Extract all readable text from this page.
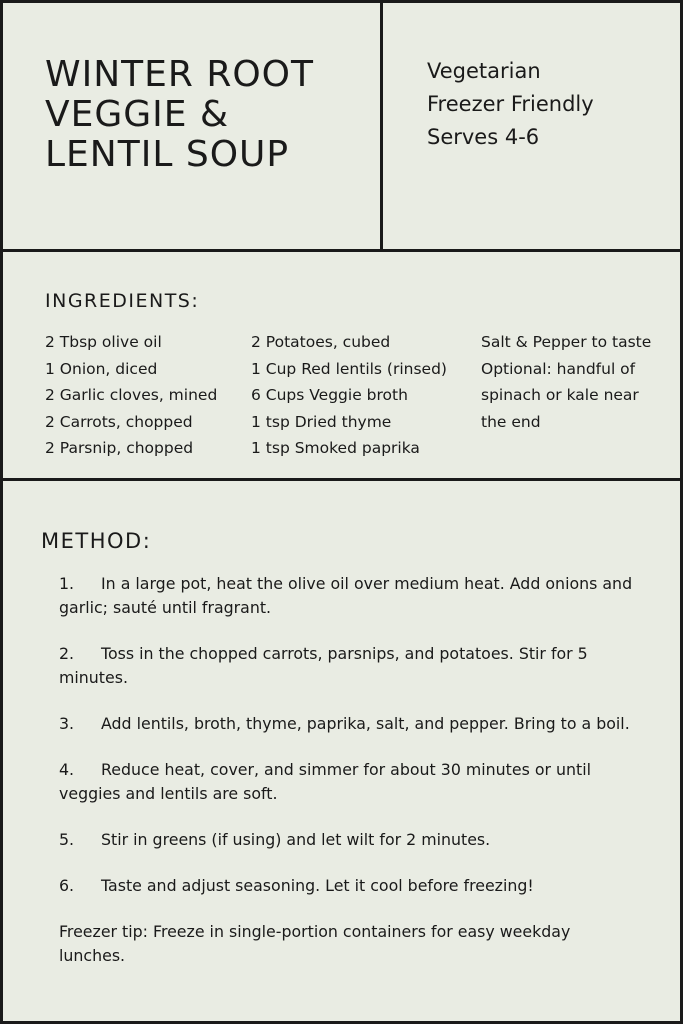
WINTER ROOT VEGGIE & LENTIL SOUP
Vegetarian
Freezer Friendly
Serves 4-6
INGREDIENTS:
2 Tbsp olive oil
1 Onion, diced
2 Garlic cloves, mined
2 Carrots, chopped
2 Parsnip, chopped
2 Potatoes, cubed
1 Cup Red lentils (rinsed)
6 Cups Veggie broth
1 tsp Dried thyme
1 tsp Smoked paprika
Salt & Pepper to taste
Optional: handful of
spinach or kale near
the end
METHOD:

1. In a large pot, heat the olive oil over medium heat. Add onions and garlic; sauté until fragrant.

2. Toss in the chopped carrots, parsnips, and potatoes. Stir for 5 minutes.

3. Add lentils, broth, thyme, paprika, salt, and pepper. Bring to a boil.

4. Reduce heat, cover, and simmer for about 30 minutes or until veggies and lentils are soft.

5. Stir in greens (if using) and let wilt for 2 minutes.

6. Taste and adjust seasoning. Let it cool before freezing!

Freezer tip: Freeze in single-portion containers for easy weekday lunches.
